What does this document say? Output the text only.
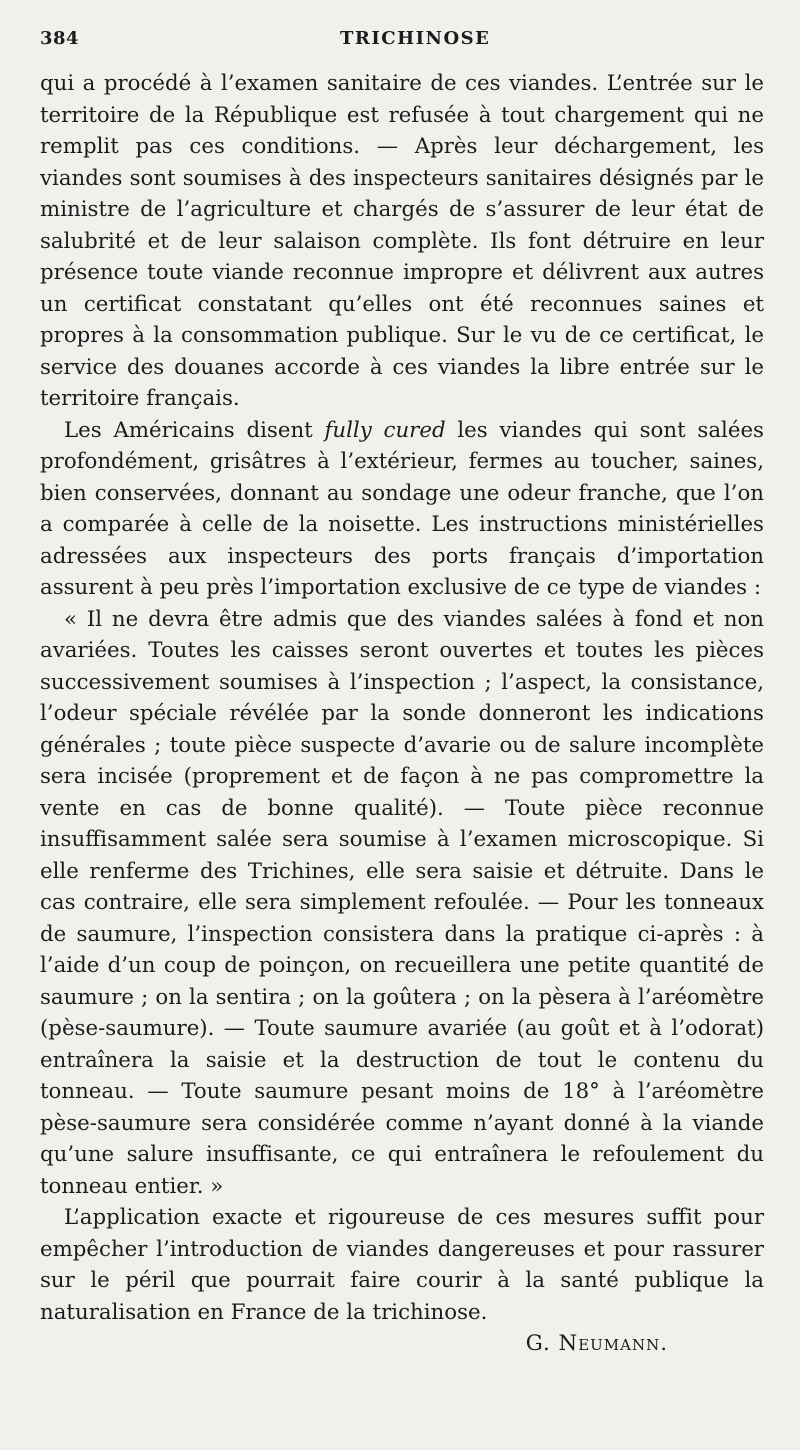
384	TRICHINOSE

qui a procédé à l’examen sanitaire de ces viandes. L’entrée sur le territoire de la République est refusée à tout chargement qui ne remplit pas ces conditions. — Après leur déchargement, les viandes sont soumises à des inspecteurs sanitaires désignés par le ministre de l’agriculture et chargés de s’assurer de leur état de salubrité et de leur salaison complète. Ils font détruire en leur présence toute viande reconnue impropre et délivrent aux autres un certificat constatant qu’elles ont été reconnues saines et propres à la consommation publique. Sur le vu de ce certificat, le service des douanes accorde à ces viandes la libre entrée sur le territoire français.

Les Américains disent fully cured les viandes qui sont salées profondément, grisâtres à l’extérieur, fermes au toucher, saines, bien conservées, donnant au sondage une odeur franche, que l’on a comparée à celle de la noisette. Les instructions ministérielles adressées aux inspecteurs des ports français d’importation assurent à peu près l’importation exclusive de ce type de viandes :

« Il ne devra être admis que des viandes salées à fond et non avariées. Toutes les caisses seront ouvertes et toutes les pièces successivement soumises à l’inspection ; l’aspect, la consistance, l’odeur spéciale révélée par la sonde donneront les indications générales ; toute pièce suspecte d’avarie ou de salure incomplète sera incisée (proprement et de façon à ne pas compromettre la vente en cas de bonne qualité). — Toute pièce reconnue insuffisamment salée sera soumise à l’examen microscopique. Si elle renferme des Trichines, elle sera saisie et détruite. Dans le cas contraire, elle sera simplement refoulée. — Pour les tonneaux de saumure, l’inspection consistera dans la pratique ci-après : à l’aide d’un coup de poinçon, on recueillera une petite quantité de saumure ; on la sentira ; on la goûtera ; on la pèsera à l’aréomètre (pèse-saumure). — Toute saumure avariée (au goût et à l’odorat) entraînera la saisie et la destruction de tout le contenu du tonneau. — Toute saumure pesant moins de 18° à l’aréomètre pèse-saumure sera considérée comme n’ayant donné à la viande qu’une salure insuffisante, ce qui entraînera le refoulement du tonneau entier. »

L’application exacte et rigoureuse de ces mesures suffit pour empêcher l’introduction de viandes dangereuses et pour rassurer sur le péril que pourrait faire courir à la santé publique la naturalisation en France de la trichinose.

G. Neumann.
